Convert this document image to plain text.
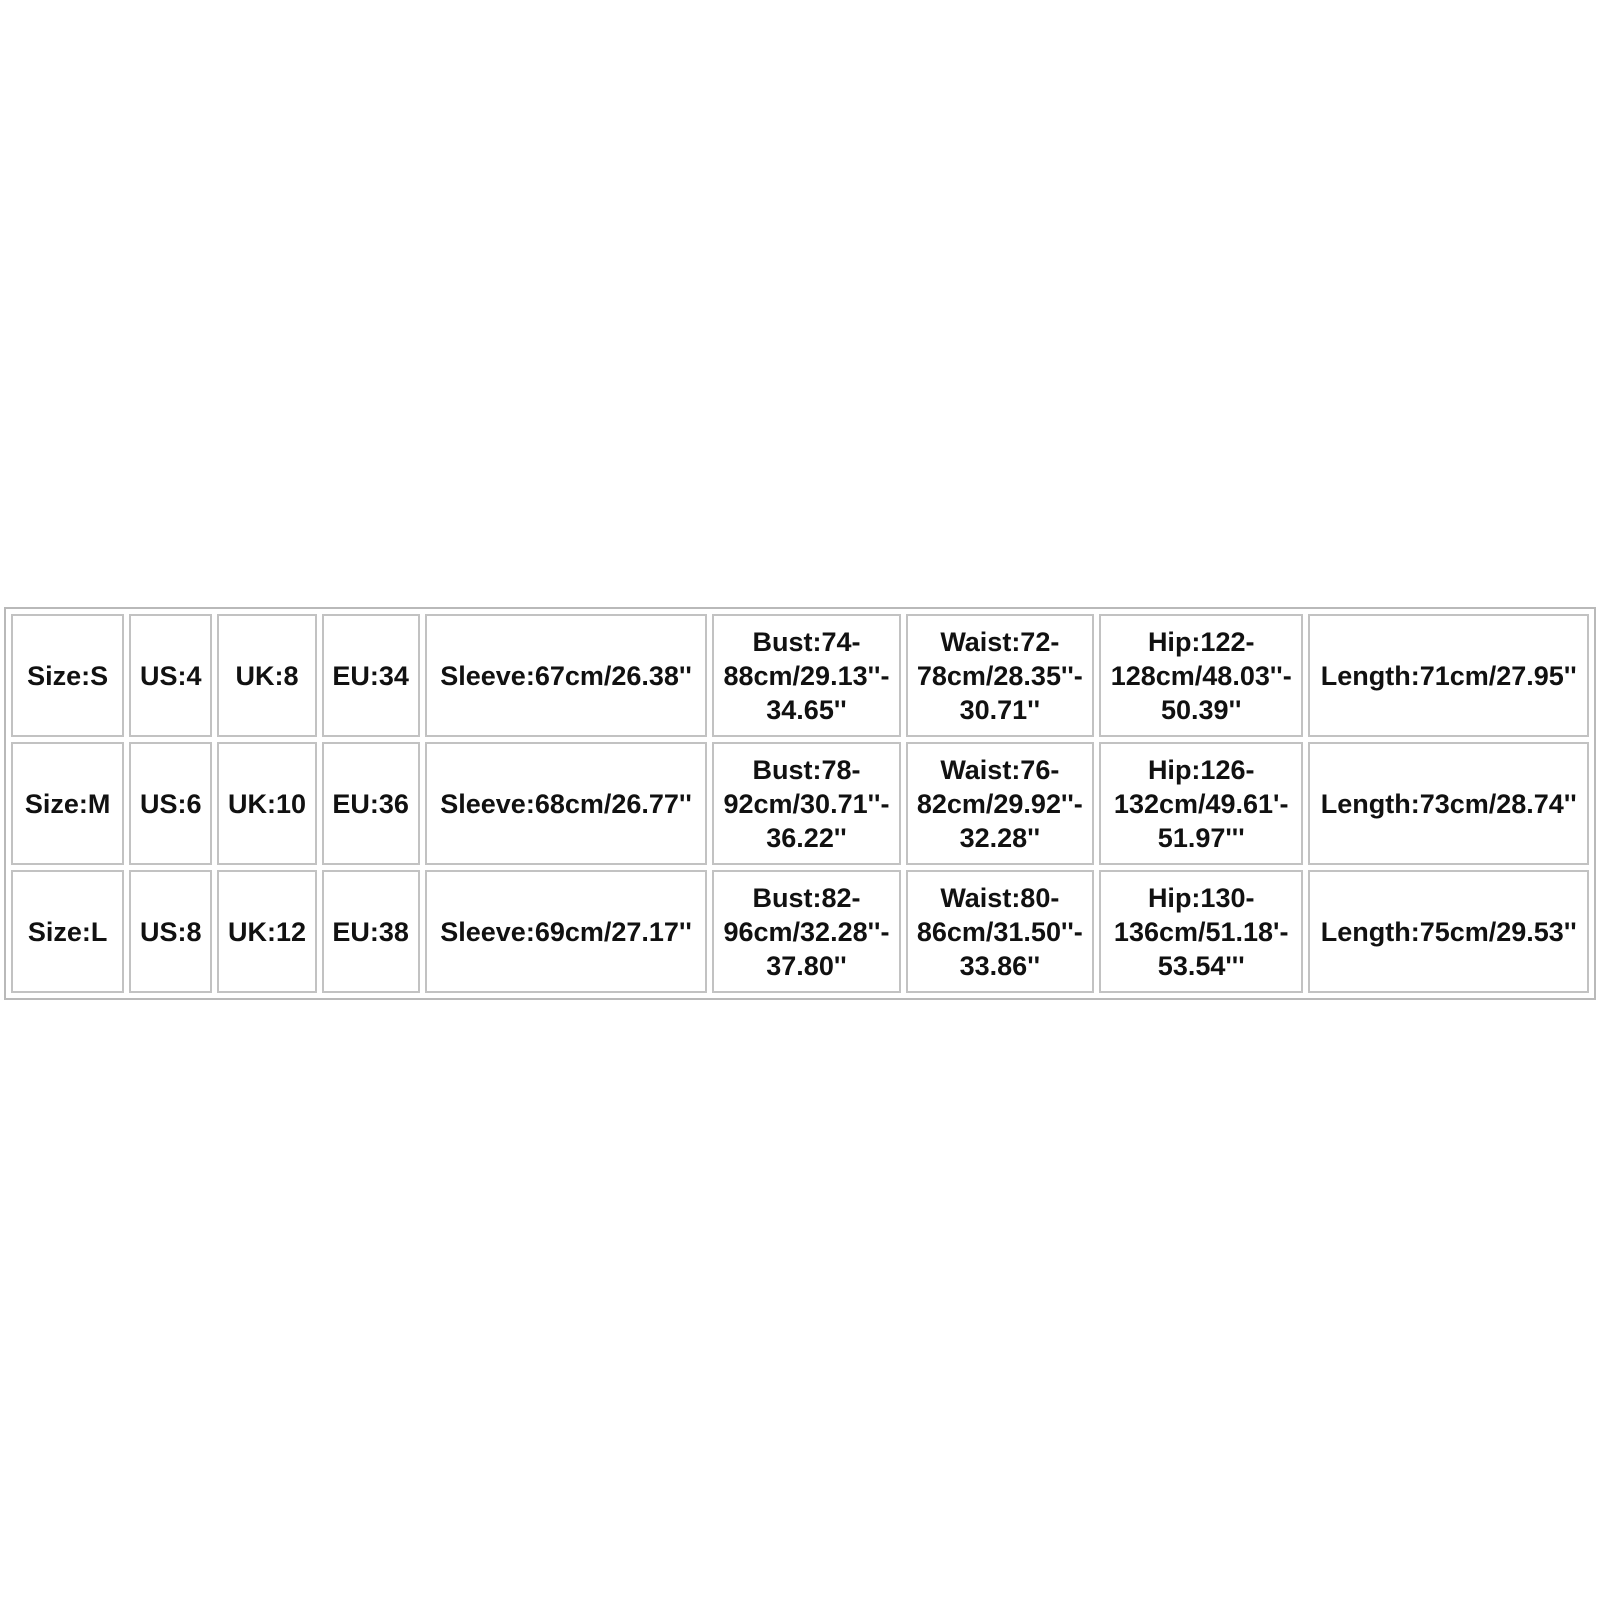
Size:S	US:4	UK:8	EU:34	Sleeve:67cm/26.38''	Bust:74-
88cm/29.13''-
34.65''	Waist:72-
78cm/28.35''-
30.71''	Hip:122-
128cm/48.03''-
50.39''	Length:71cm/27.95''
Size:M	US:6	UK:10	EU:36	Sleeve:68cm/26.77''	Bust:78-
92cm/30.71''-
36.22''	Waist:76-
82cm/29.92''-
32.28''	Hip:126-
132cm/49.61'-
51.97'''	Length:73cm/28.74''
Size:L	US:8	UK:12	EU:38	Sleeve:69cm/27.17''	Bust:82-
96cm/32.28''-
37.80''	Waist:80-
86cm/31.50''-
33.86''	Hip:130-
136cm/51.18'-
53.54'''	Length:75cm/29.53''
